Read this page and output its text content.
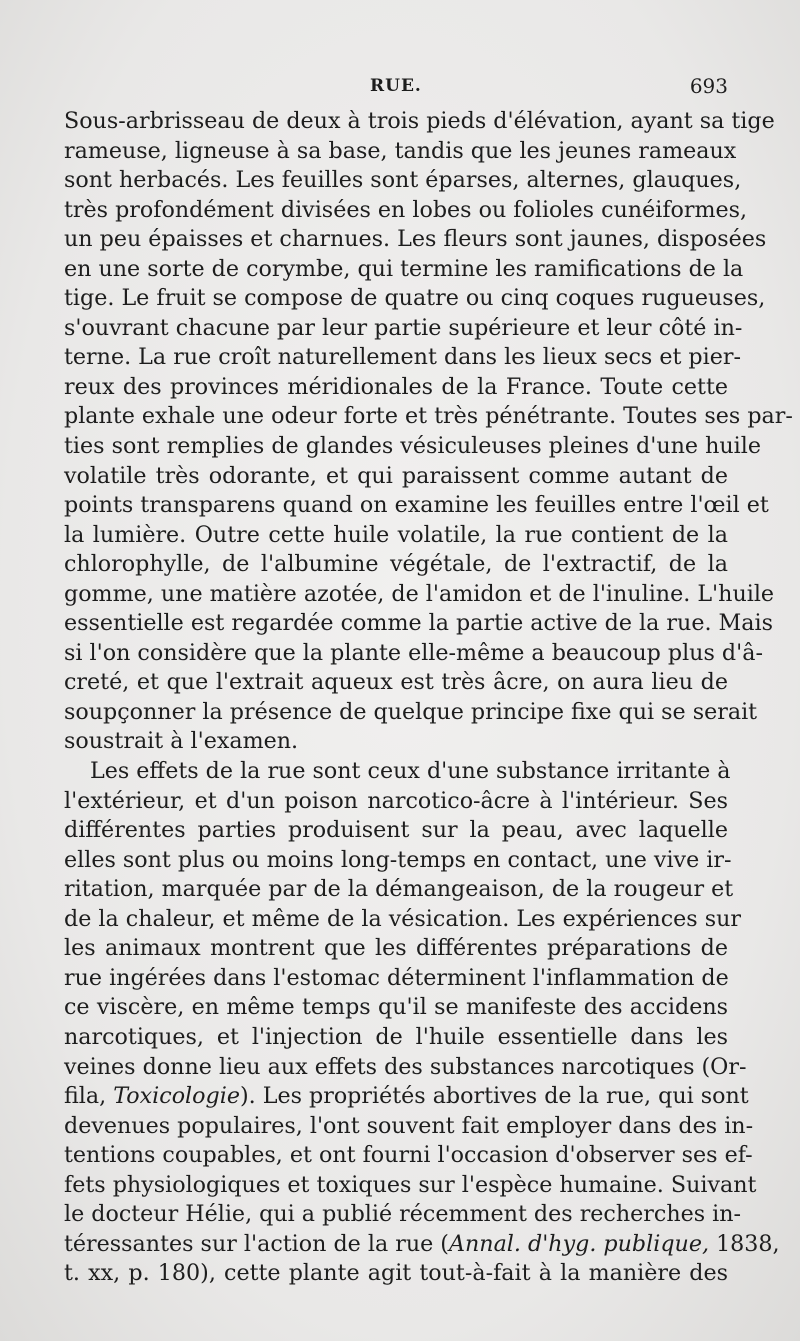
RUE.	693
Sous-arbrisseau de deux à trois pieds d'élévation, ayant sa tige
rameuse, ligneuse à sa base, tandis que les jeunes rameaux
sont herbacés. Les feuilles sont éparses, alternes, glauques,
très profondément divisées en lobes ou folioles cunéiformes,
un peu épaisses et charnues. Les fleurs sont jaunes, disposées
en une sorte de corymbe, qui termine les ramifications de la
tige. Le fruit se compose de quatre ou cinq coques rugueuses,
s'ouvrant chacune par leur partie supérieure et leur côté in-
terne. La rue croît naturellement dans les lieux secs et pier-
reux des provinces méridionales de la France. Toute cette
plante exhale une odeur forte et très pénétrante. Toutes ses par-
ties sont remplies de glandes vésiculeuses pleines d'une huile
volatile très odorante, et qui paraissent comme autant de
points transparens quand on examine les feuilles entre l'œil et
la lumière. Outre cette huile volatile, la rue contient de la
chlorophylle, de l'albumine végétale, de l'extractif, de la
gomme, une matière azotée, de l'amidon et de l'inuline. L'huile
essentielle est regardée comme la partie active de la rue. Mais
si l'on considère que la plante elle-même a beaucoup plus d'â-
creté, et que l'extrait aqueux est très âcre, on aura lieu de
soupçonner la présence de quelque principe fixe qui se serait
soustrait à l'examen.
Les effets de la rue sont ceux d'une substance irritante à
l'extérieur, et d'un poison narcotico-âcre à l'intérieur. Ses
différentes parties produisent sur la peau, avec laquelle
elles sont plus ou moins long-temps en contact, une vive ir-
ritation, marquée par de la démangeaison, de la rougeur et
de la chaleur, et même de la vésication. Les expériences sur
les animaux montrent que les différentes préparations de
rue ingérées dans l'estomac déterminent l'inflammation de
ce viscère, en même temps qu'il se manifeste des accidens
narcotiques, et l'injection de l'huile essentielle dans les
veines donne lieu aux effets des substances narcotiques (Or-
fila, Toxicologie). Les propriétés abortives de la rue, qui sont
devenues populaires, l'ont souvent fait employer dans des in-
tentions coupables, et ont fourni l'occasion d'observer ses ef-
fets physiologiques et toxiques sur l'espèce humaine. Suivant
le docteur Hélie, qui a publié récemment des recherches in-
téressantes sur l'action de la rue (Annal. d'hyg. publique, 1838,
t. xx, p. 180), cette plante agit tout-à-fait à la manière des
